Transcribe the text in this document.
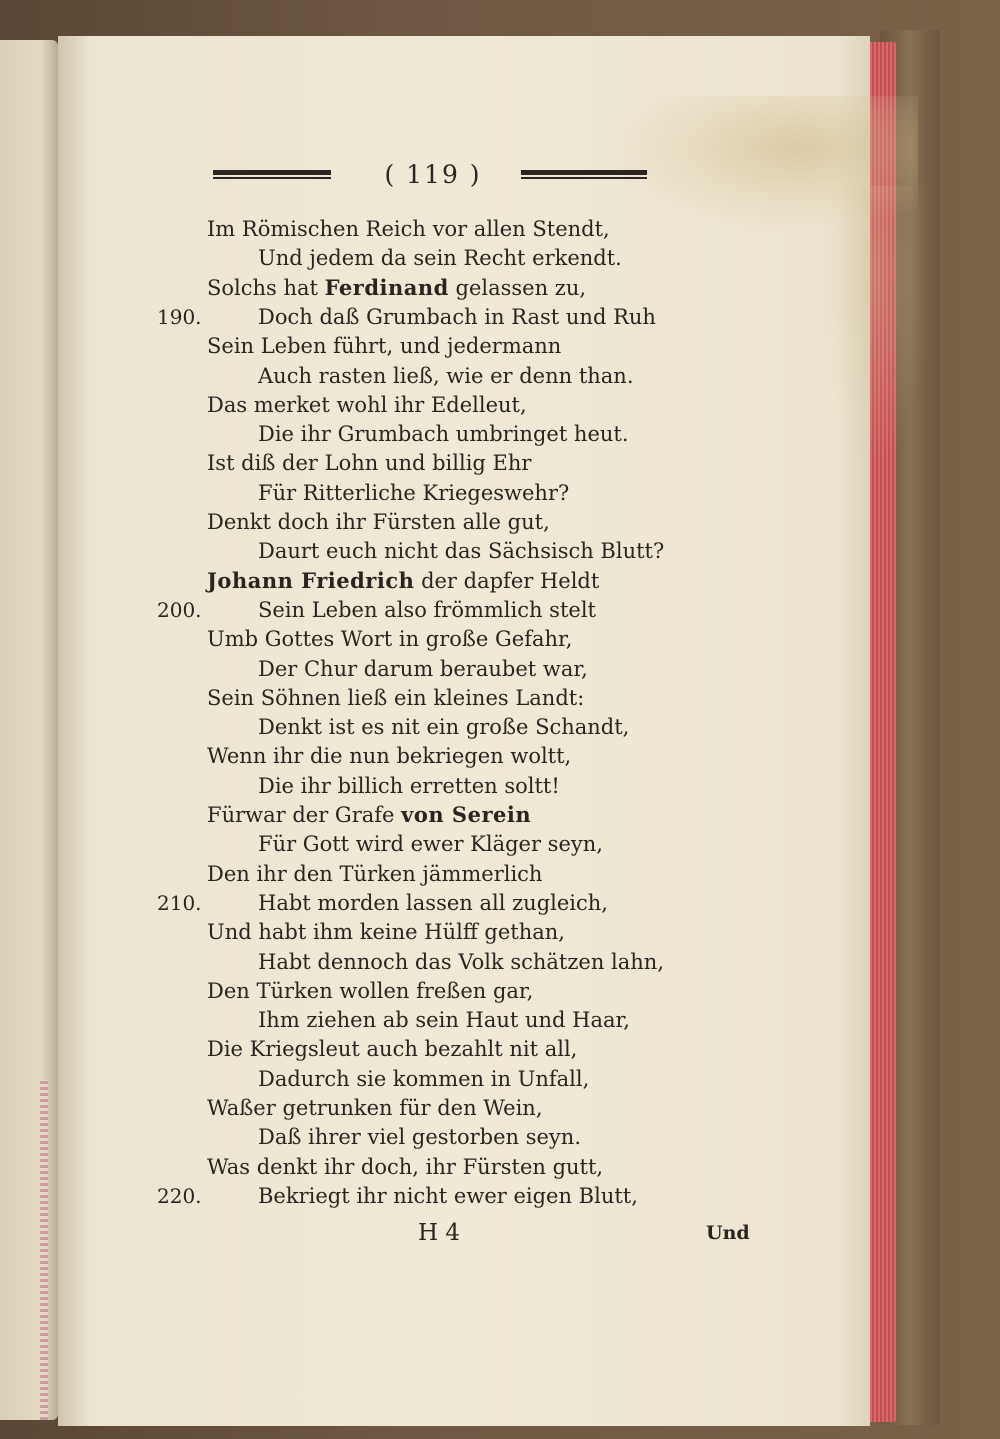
( 119 )
Im Römischen Reich vor allen Stendt,
Und jedem da sein Recht erkendt.
Solchs hat Ferdinand gelassen zu,
Doch daß Grumbach in Rast und Ruh
190.
Sein Leben führt, und jedermann
Auch rasten ließ, wie er denn than.
Das merket wohl ihr Edelleut,
Die ihr Grumbach umbringet heut.
Ist diß der Lohn und billig Ehr
Für Ritterliche Kriegeswehr?
Denkt doch ihr Fürsten alle gut,
Daurt euch nicht das Sächsisch Blutt?
Johann Friedrich der dapfer Heldt
Sein Leben also frömmlich stelt
200.
Umb Gottes Wort in große Gefahr,
Der Chur darum beraubet war,
Sein Söhnen ließ ein kleines Landt:
Denkt ist es nit ein große Schandt,
Wenn ihr die nun bekriegen woltt,
Die ihr billich erretten soltt!
Fürwar der Grafe von Serein
Für Gott wird ewer Kläger seyn,
Den ihr den Türken jämmerlich
Habt morden lassen all zugleich,
210.
Und habt ihm keine Hülff gethan,
Habt dennoch das Volk schätzen lahn,
Den Türken wollen freßen gar,
Ihm ziehen ab sein Haut und Haar,
Die Kriegsleut auch bezahlt nit all,
Dadurch sie kommen in Unfall,
Waßer getrunken für den Wein,
Daß ihrer viel gestorben seyn.
Was denkt ihr doch, ihr Fürsten gutt,
Bekriegt ihr nicht ewer eigen Blutt,
220.
H 4	Und
